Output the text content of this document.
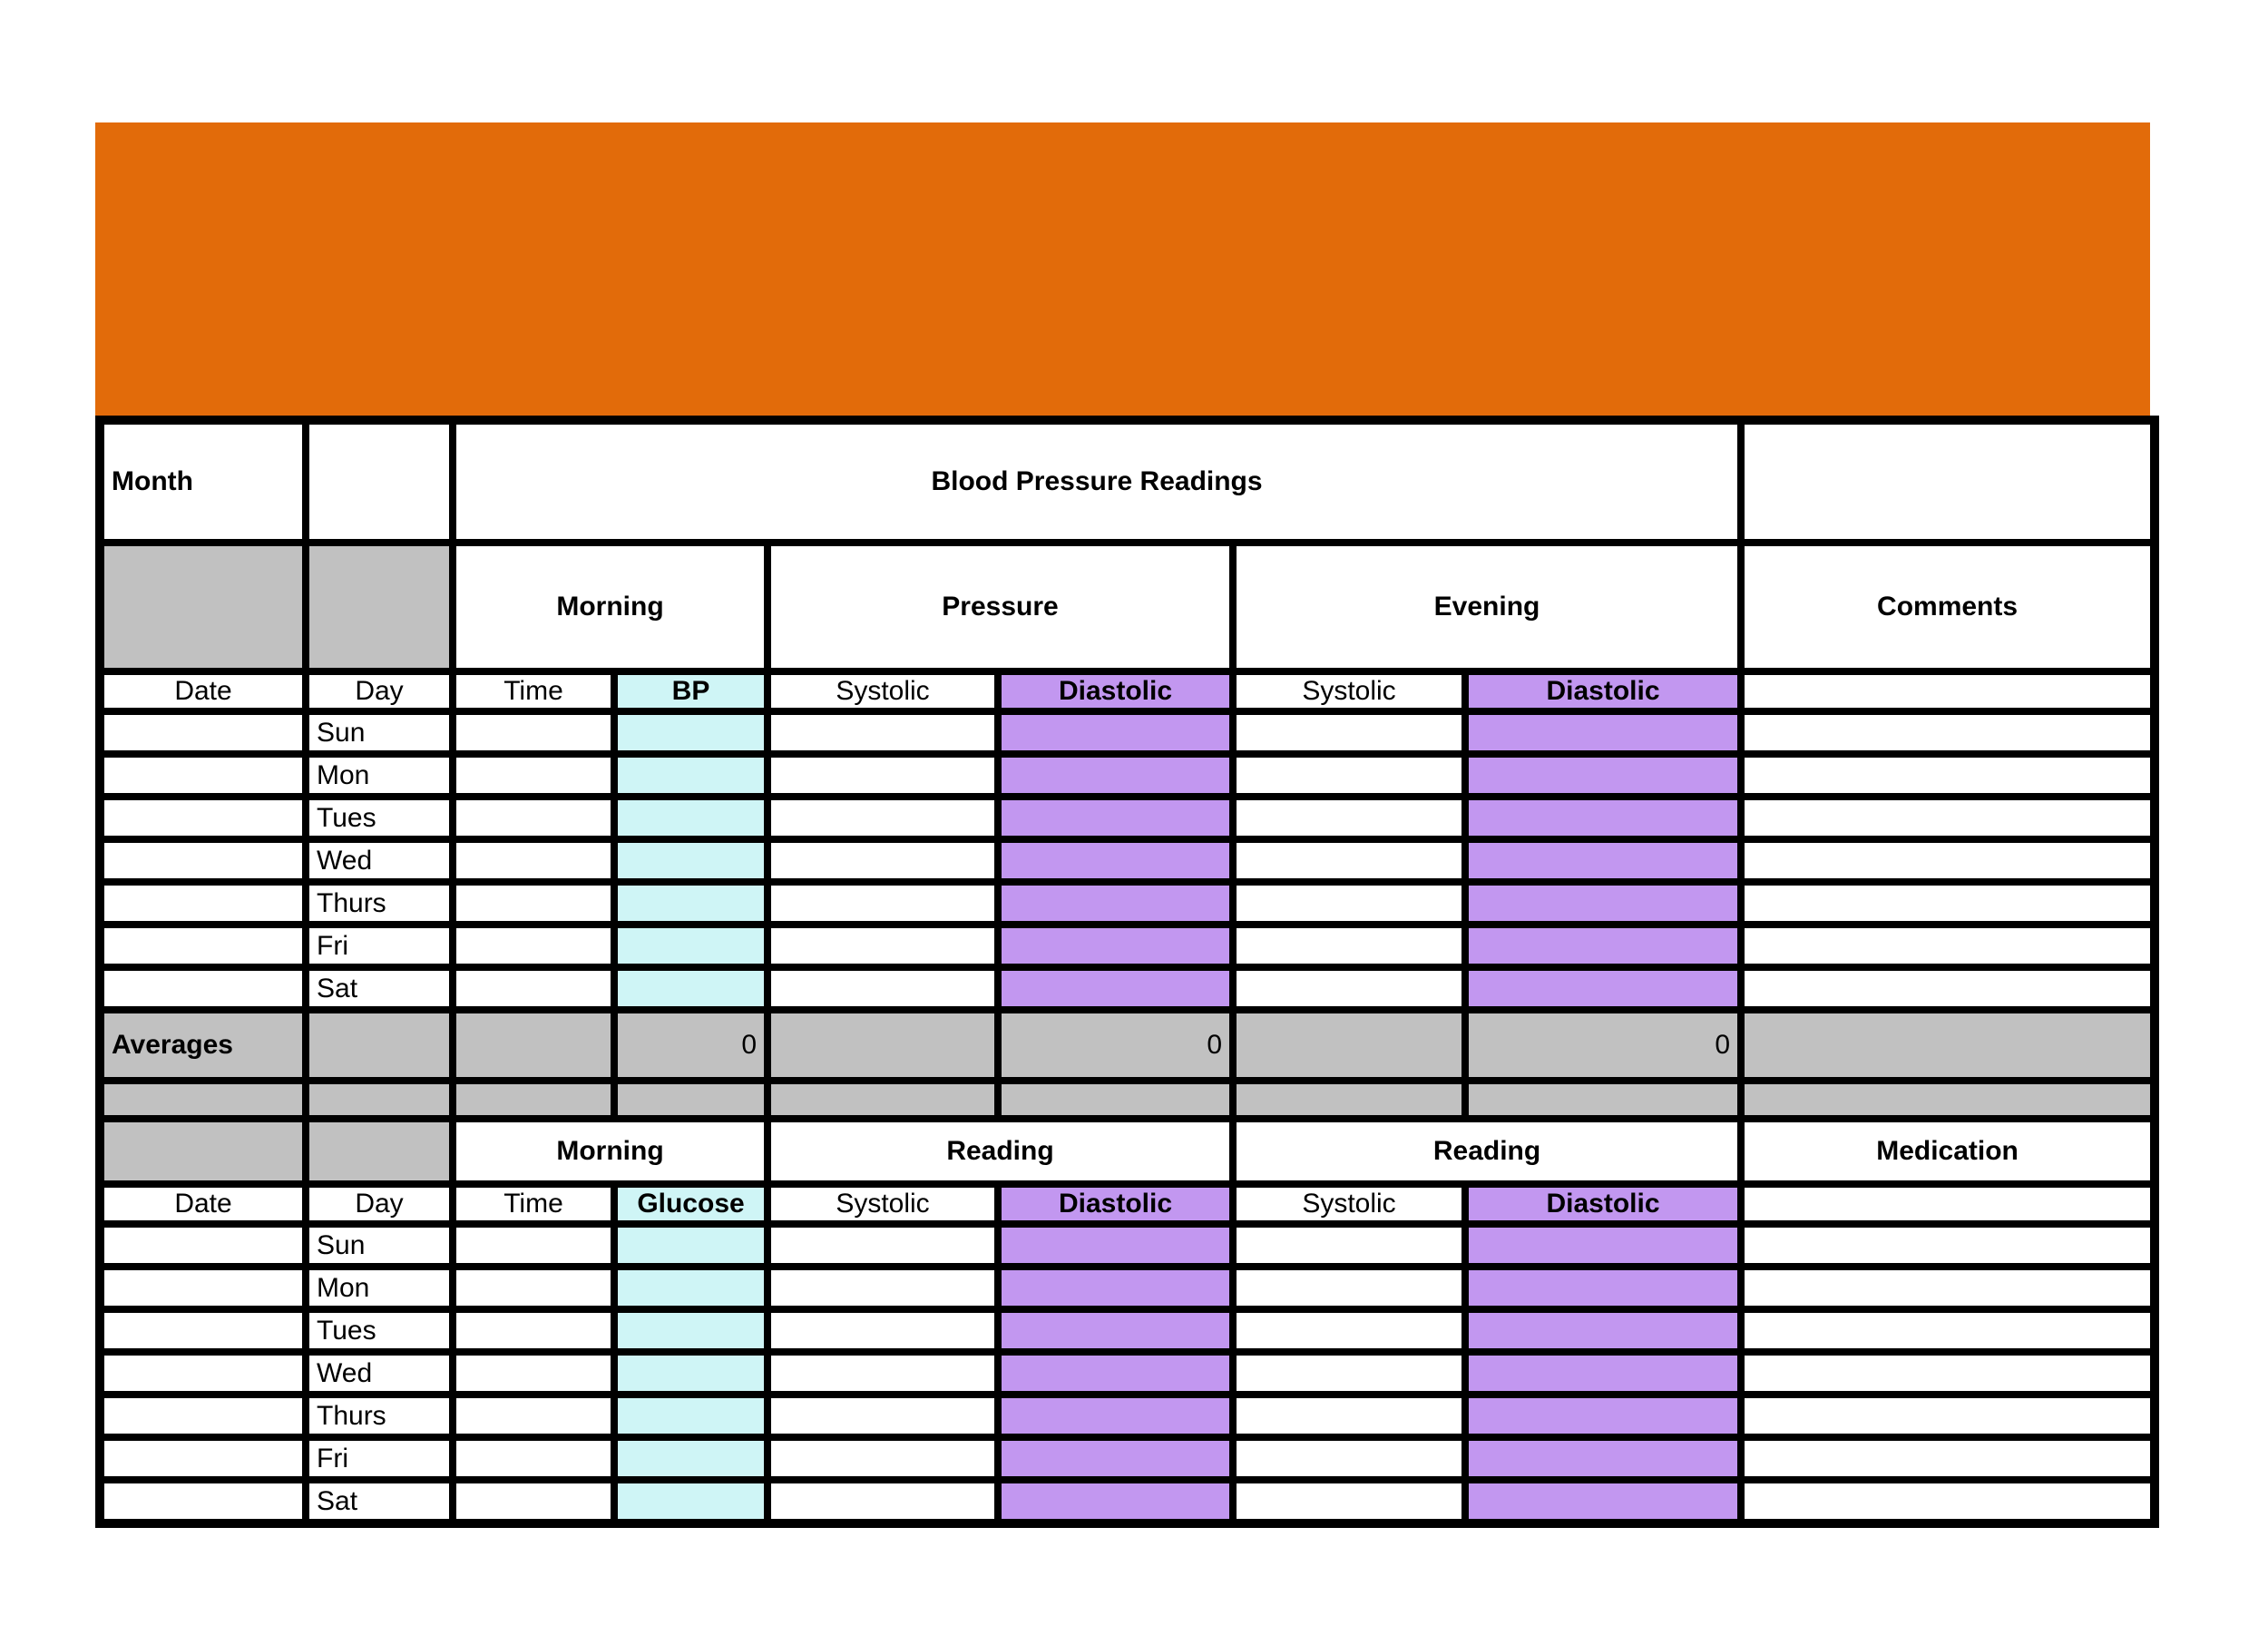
Month		Blood Pressure Readings						
		Morning		Pressure		Evening		Comments
Date	Day	Time	BP	Systolic	Diastolic	Systolic	Diastolic	
	Sun							
	Mon							
	Tues							
	Wed							
	Thurs							
	Fri							
	Sat							
Averages			0		0		0	

		Morning		Reading		Reading		Medication
Date	Day	Time	Glucose	Systolic	Diastolic	Systolic	Diastolic	
	Sun							
	Mon							
	Tues							
	Wed							
	Thurs							
	Fri							
	Sat							
